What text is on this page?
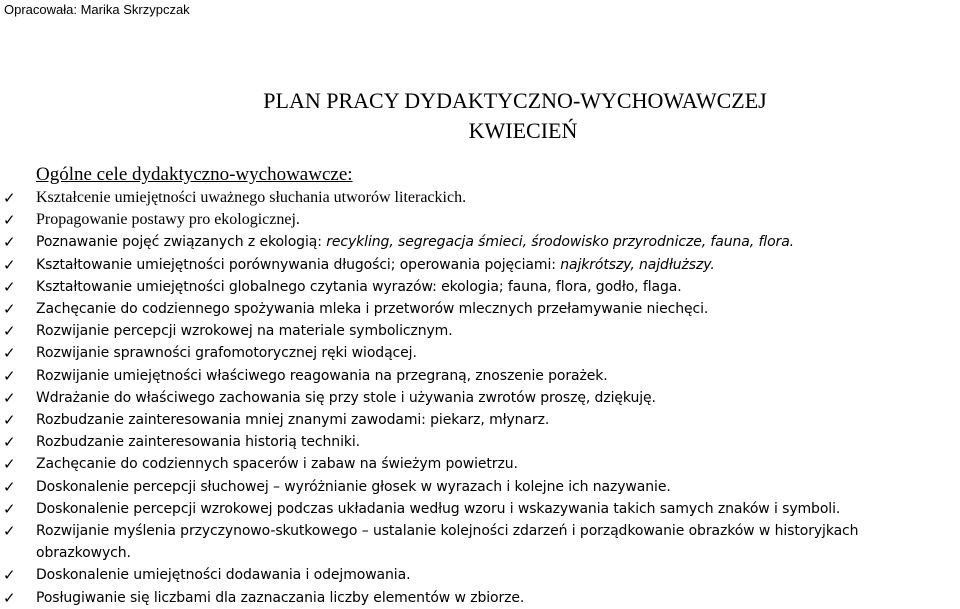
Opracowała: Marika Skrzypczak
PLAN PRACY DYDAKTYCZNO-WYCHOWAWCZEJ
KWIECIEŃ
Ogólne cele dydaktyczno-wychowawcze:
✓ Kształcenie umiejętności uważnego słuchania utworów literackich.
✓ Propagowanie postawy pro ekologicznej.
✓ Poznawanie pojęć związanych z ekologią: recykling, segregacja śmieci, środowisko przyrodnicze, fauna, flora.
✓ Kształtowanie umiejętności porównywania długości; operowania pojęciami: najkrótszy, najdłuższy.
✓ Kształtowanie umiejętności globalnego czytania wyrazów: ekologia; fauna, flora, godło, flaga.
✓ Zachęcanie do codziennego spożywania mleka i przetworów mlecznych przełamywanie niechęci.
✓ Rozwijanie percepcji wzrokowej na materiale symbolicznym.
✓ Rozwijanie sprawności grafomotorycznej ręki wiodącej.
✓ Rozwijanie umiejętności właściwego reagowania na przegraną, znoszenie porażek.
✓ Wdrażanie do właściwego zachowania się przy stole i używania zwrotów proszę, dziękuję.
✓ Rozbudzanie zainteresowania mniej znanymi zawodami: piekarz, młynarz.
✓ Rozbudzanie zainteresowania historią techniki.
✓ Zachęcanie do codziennych spacerów i zabaw na świeżym powietrzu.
✓ Doskonalenie percepcji słuchowej – wyróżnianie głosek w wyrazach i kolejne ich nazywanie.
✓ Doskonalenie percepcji wzrokowej podczas układania według wzoru i wskazywania takich samych znaków i symboli.
✓ Rozwijanie myślenia przyczynowo-skutkowego – ustalanie kolejności zdarzeń i porządkowanie obrazków w historyjkach obrazkowych.
✓ Doskonalenie umiejętności dodawania i odejmowania.
✓ Posługiwanie się liczbami dla zaznaczania liczby elementów w zbiorze.
